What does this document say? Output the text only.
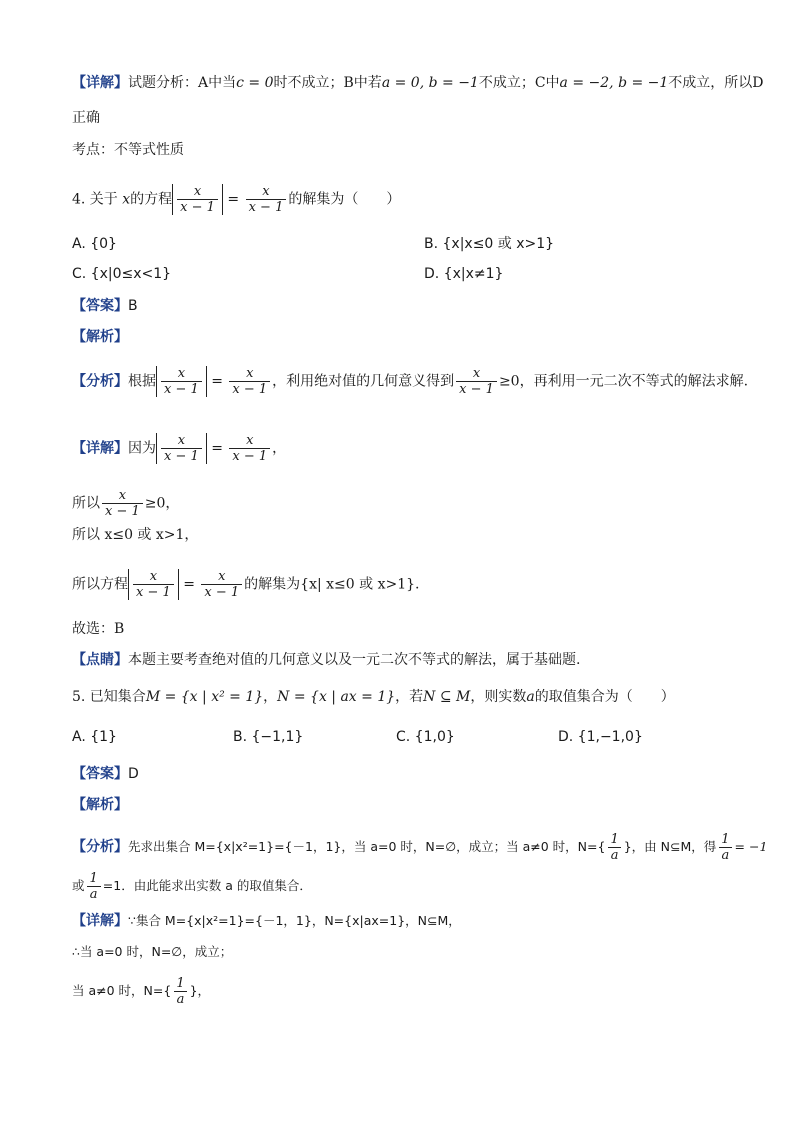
【详解】试题分析：A中当c = 0时不成立；B中若a = 0, b = −1不成立；C中a = −2, b = −1不成立，所以D
正确
考点：不等式性质
4. 关于 x的方程 $\frac{x}{x - 1} = \frac{x}{x - 1}$ 的解集为（　　）
A. {0}	B. {x|x≤0 或 x>1}
C. {x|0≤x<1}	D. {x|x≠1}
【答案】B
【解析】
【分析】根据 $\frac{x}{x - 1} = \frac{x}{x - 1}$ ，利用绝对值的几何意义得到 $\frac{x}{x - 1} \ge 0$，再利用一元二次不等式的解法求解.
【详解】因为 $\frac{x}{x - 1} = \frac{x}{x - 1}$ ，
所以 $\frac{x}{x - 1} \ge 0$，
所以 x≤0 或 x>1，
所以方程 $\frac{x}{x - 1} = \frac{x}{x - 1}$ 的解集为{x| x≤0 或 x>1}.
故选：B
【点睛】本题主要考查绝对值的几何意义以及一元二次不等式的解法，属于基础题.
5. 已知集合M = {x | x² = 1}，N = {x | ax = 1}，若N ⊆ M，则实数a的取值集合为（　　）
A. {1}	B. {−1,1}	C. {1,0}	D. {1,−1,0}
【答案】D
【解析】
【分析】先求出集合 M={x|x²=1}={－1，1}，当 a=0 时，N=∅，成立；当 a≠0 时，$N=\{ \frac{1}{a}$ }，由 N⊆M，得 $\frac{1}{a} = -1$
或 $\frac{1}{a} =1$．由此能求出实数 a 的取值集合．
【详解】∵集合 M={x|x²=1}={－1，1}，N={x|ax=1}，N⊆M，
∴当 a=0 时，N=∅，成立；
当 a≠0 时，$N=\{ \frac{1}{a}$ }，
